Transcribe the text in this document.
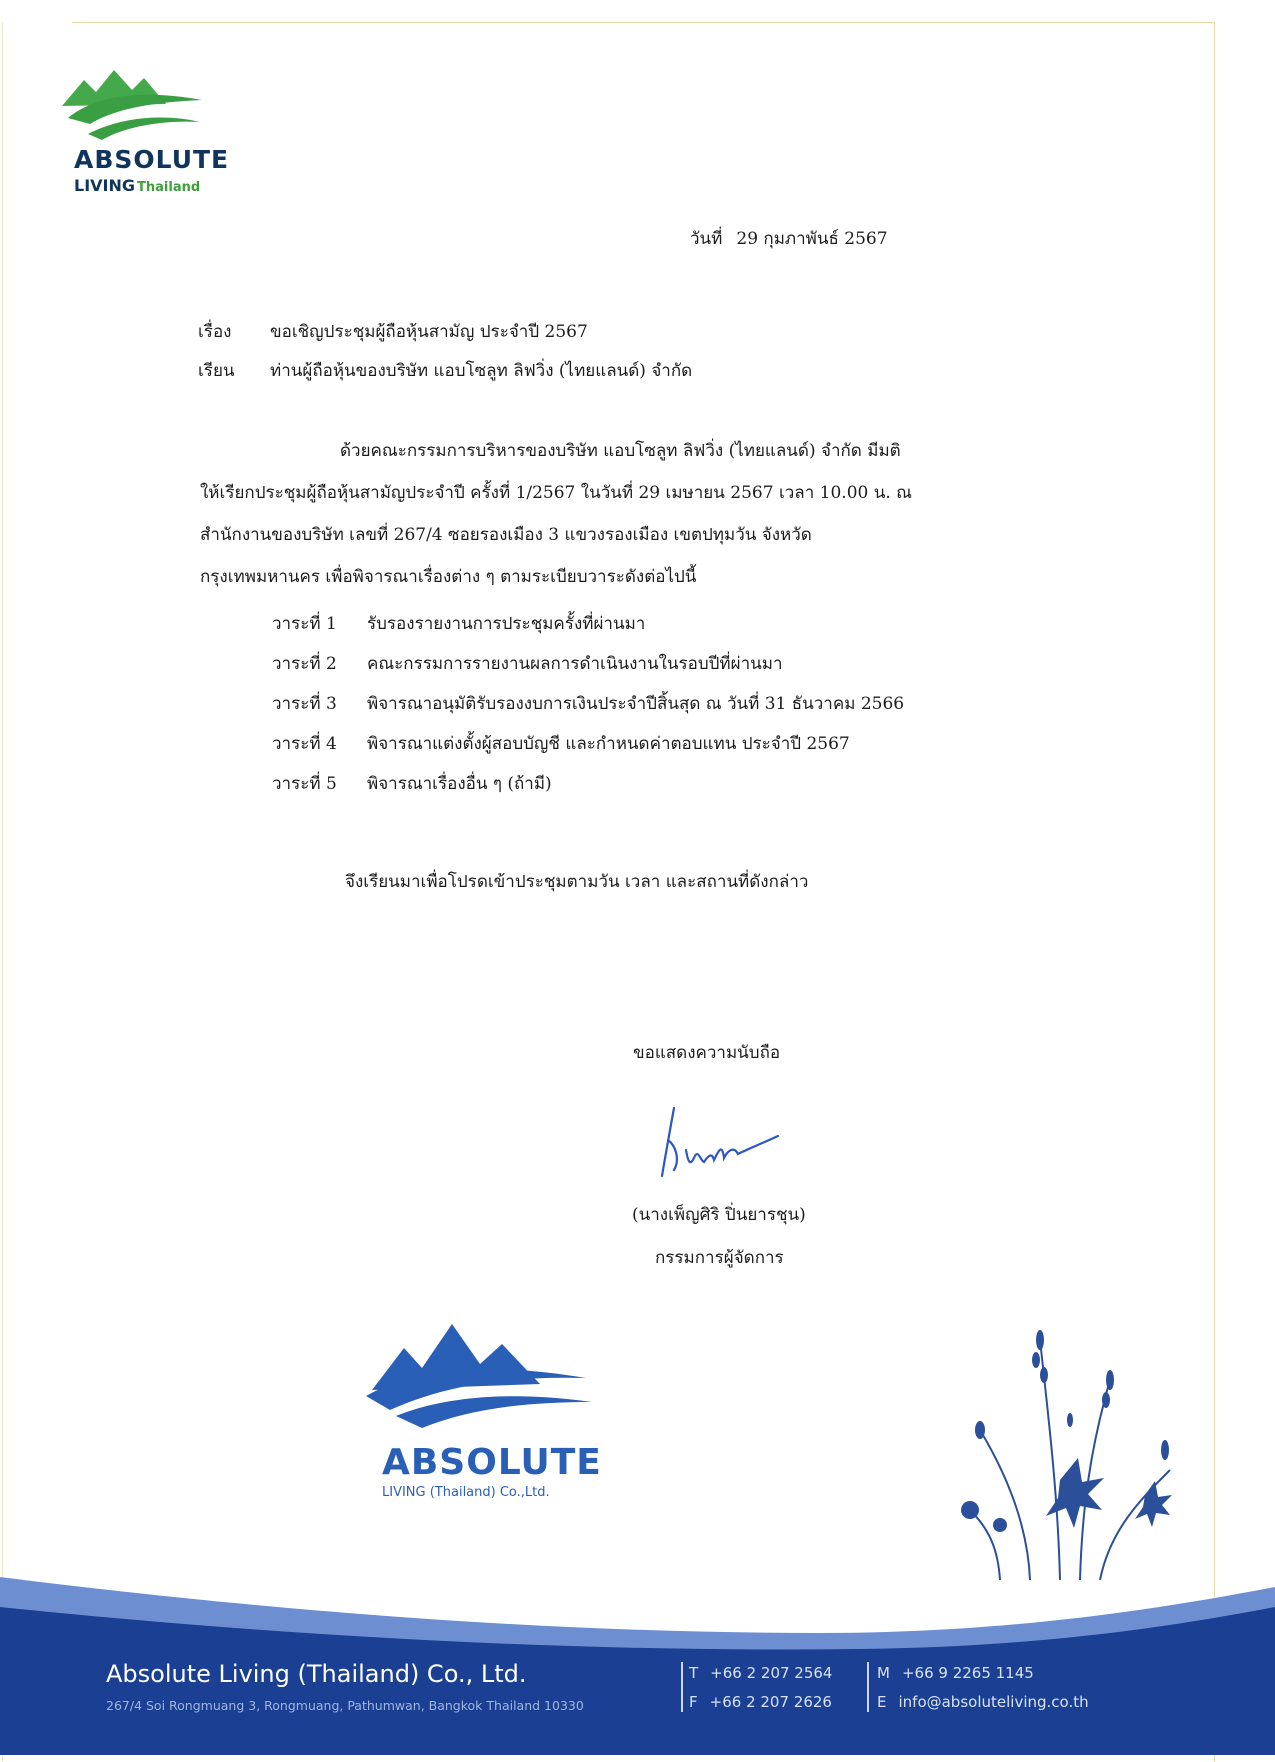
ABSOLUTE
LIVING Thailand
วันที่ 29 กุมภาพันธ์ 2567
เรื่อง ขอเชิญประชุมผู้ถือหุ้นสามัญ ประจำปี 2567
เรียน ท่านผู้ถือหุ้นของบริษัท แอบโซลูท ลิฟวิ่ง (ไทยแลนด์) จำกัด
ด้วยคณะกรรมการบริหารของบริษัท แอบโซลูท ลิฟวิ่ง (ไทยแลนด์) จำกัด มีมติ
ให้เรียกประชุมผู้ถือหุ้นสามัญประจำปี ครั้งที่ 1/2567 ในวันที่ 29 เมษายน 2567 เวลา 10.00 น. ณ
สำนักงานของบริษัท เลขที่ 267/4 ซอยรองเมือง 3 แขวงรองเมือง เขตปทุมวัน จังหวัด
กรุงเทพมหานคร เพื่อพิจารณาเรื่องต่าง ๆ ตามระเบียบวาระดังต่อไปนี้
วาระที่ 1 รับรองรายงานการประชุมครั้งที่ผ่านมา
วาระที่ 2 คณะกรรมการรายงานผลการดำเนินงานในรอบปีที่ผ่านมา
วาระที่ 3 พิจารณาอนุมัติรับรองงบการเงินประจำปีสิ้นสุด ณ วันที่ 31 ธันวาคม 2566
วาระที่ 4 พิจารณาแต่งตั้งผู้สอบบัญชี และกำหนดค่าตอบแทน ประจำปี 2567
วาระที่ 5 พิจารณาเรื่องอื่น ๆ (ถ้ามี)
จึงเรียนมาเพื่อโปรดเข้าประชุมตามวัน เวลา และสถานที่ดังกล่าว
ขอแสดงความนับถือ
(นางเพ็ญศิริ ปิ่นยารชุน)
กรรมการผู้จัดการ
ABSOLUTE
LIVING (Thailand) Co.,Ltd.
Absolute Living (Thailand) Co., Ltd.
267/4 Soi Rongmuang 3, Rongmuang, Pathumwan, Bangkok Thailand 10330
T +66 2 207 2564
F +66 2 207 2626
M +66 9 2265 1145
E info@absoluteliving.co.th
